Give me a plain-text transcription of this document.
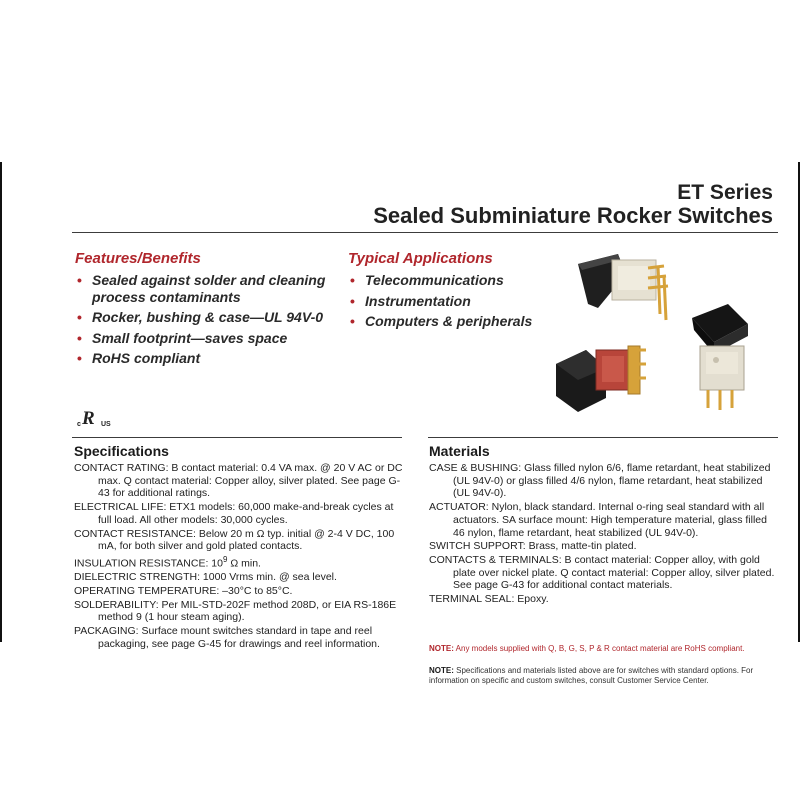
ET Series
Sealed Subminiature Rocker Switches
Features/Benefits
• Sealed against solder and cleaning process contaminants
• Rocker, bushing & case—UL 94V-0
• Small footprint—saves space
• RoHS compliant
Typical Applications
• Telecommunications
• Instrumentation
• Computers & peripherals
c R US
Specifications	Materials
CONTACT RATING: B contact material: 0.4 VA max. @ 20 V AC or DC max. Q contact material: Copper alloy, silver plated. See page G-43 for additional ratings.
ELECTRICAL LIFE: ETX1 models: 60,000 make-and-break cycles at full load. All other models: 30,000 cycles.
CONTACT RESISTANCE: Below 20 m Ω typ. initial @ 2-4 V DC, 100 mA, for both silver and gold plated contacts.
INSULATION RESISTANCE: $10^9$ Ω min.
DIELECTRIC STRENGTH: 1000 Vrms min. @ sea level.
OPERATING TEMPERATURE: –30°C to 85°C.
SOLDERABILITY: Per MIL-STD-202F method 208D, or EIA RS-186E method 9 (1 hour steam aging).
PACKAGING: Surface mount switches standard in tape and reel packaging, see page G-45 for drawings and reel information.
CASE & BUSHING: Glass filled nylon 6/6, flame retardant, heat stabilized (UL 94V-0) or glass filled 4/6 nylon, flame retardant, heat stabilized (UL 94V-0).
ACTUATOR: Nylon, black standard. Internal o-ring seal standard with all actuators. SA surface mount: High temperature material, glass filled 46 nylon, flame retardant, heat stabilized (UL 94V-0).
SWITCH SUPPORT: Brass, matte-tin plated.
CONTACTS & TERMINALS: B contact material: Copper alloy, with gold plate over nickel plate. Q contact material: Copper alloy, silver plated. See page G-43 for additional contact materials.
TERMINAL SEAL: Epoxy.
NOTE: Any models supplied with Q, B, G, S, P & R contact material are RoHS compliant.
NOTE: Specifications and materials listed above are for switches with standard options. For information on specific and custom switches, consult Customer Service Center.
